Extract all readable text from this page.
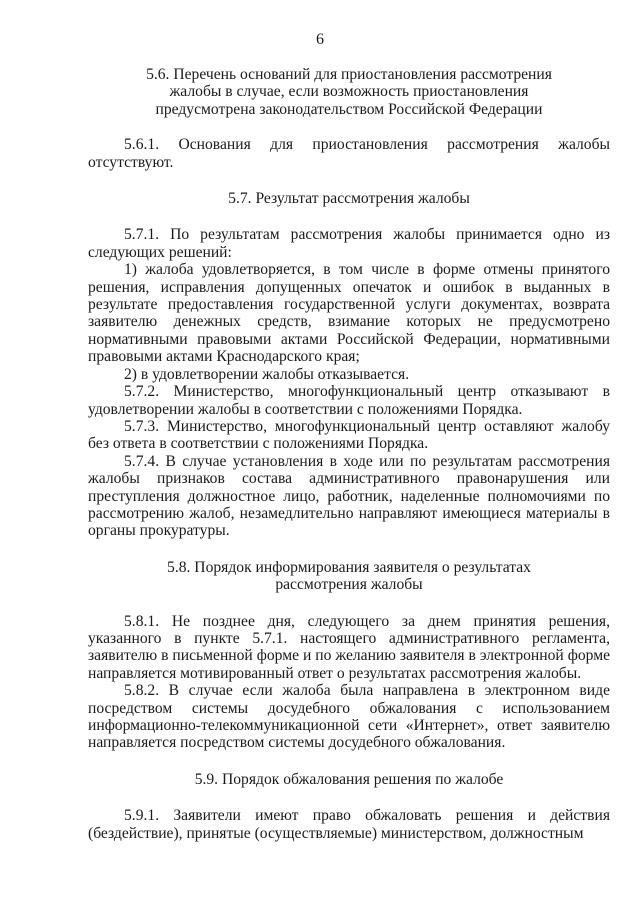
6
5.6. Перечень оснований для приостановления рассмотрения
жалобы в случае, если возможность приостановления
предусмотрена законодательством Российской Федерации

5.6.1. Основания для приостановления рассмотрения жалобы отсутствуют.

5.7. Результат рассмотрения жалобы

5.7.1. По результатам рассмотрения жалобы принимается одно из следующих решений:

1) жалоба удовлетворяется, в том числе в форме отмены принятого решения, исправления допущенных опечаток и ошибок в выданных в результате предоставления государственной услуги документах, возврата заявителю денежных средств, взимание которых не предусмотрено нормативными правовыми актами Российской Федерации, нормативными правовыми актами Краснодарского края;

2) в удовлетворении жалобы отказывается.

5.7.2. Министерство, многофункциональный центр отказывают в удовлетворении жалобы в соответствии с положениями Порядка.

5.7.3. Министерство, многофункциональный центр оставляют жалобу без ответа в соответствии с положениями Порядка.

5.7.4. В случае установления в ходе или по результатам рассмотрения жалобы признаков состава административного правонарушения или преступления должностное лицо, работник, наделенные полномочиями по рассмотрению жалоб, незамедлительно направляют имеющиеся материалы в органы прокуратуры.

5.8. Порядок информирования заявителя о результатах
рассмотрения жалобы

5.8.1. Не позднее дня, следующего за днем принятия решения, указанного в пункте 5.7.1. настоящего административного регламента, заявителю в письменной форме и по желанию заявителя в электронной форме направляется мотивированный ответ о результатах рассмотрения жалобы.

5.8.2. В случае если жалоба была направлена в электронном виде посредством системы досудебного обжалования с использованием информационно-телекоммуникационной сети «Интернет», ответ заявителю направляется посредством системы досудебного обжалования.

5.9. Порядок обжалования решения по жалобе

5.9.1. Заявители имеют право обжаловать решения и действия (бездействие), принятые (осуществляемые) министерством, должностным
